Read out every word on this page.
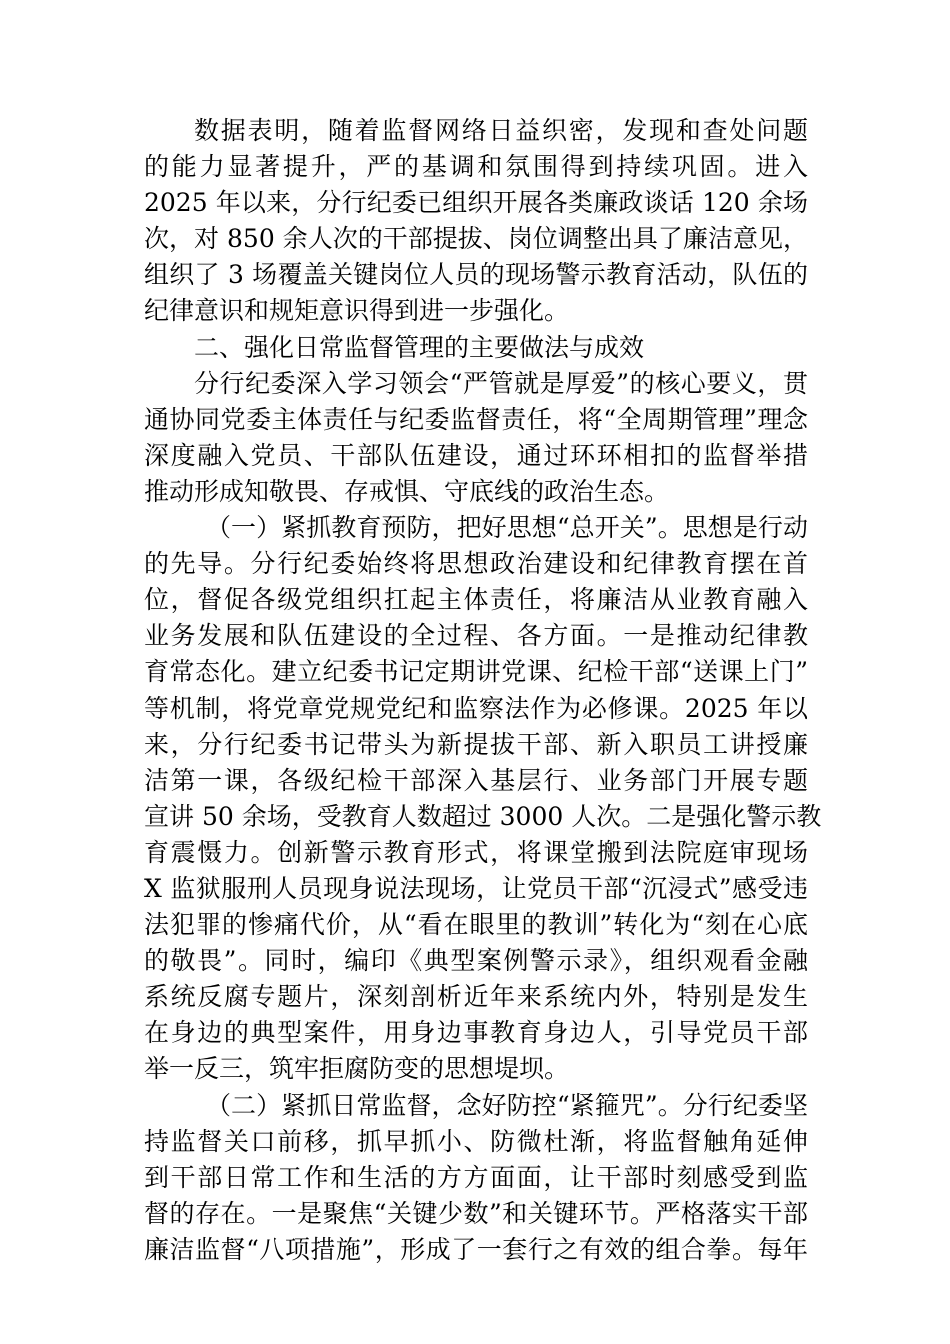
数据表明，随着监督网络日益织密，发现和查处问题
的能力显著提升，严的基调和氛围得到持续巩固。进入
2025 年以来，分行纪委已组织开展各类廉政谈话 120 余场
次，对 850 余人次的干部提拔、岗位调整出具了廉洁意见，
组织了 3 场覆盖关键岗位人员的现场警示教育活动，队伍的
纪律意识和规矩意识得到进一步强化。
二、强化日常监督管理的主要做法与成效
分行纪委深入学习领会“严管就是厚爱”的核心要义，贯
通协同党委主体责任与纪委监督责任，将“全周期管理”理念
深度融入党员、干部队伍建设，通过环环相扣的监督举措
推动形成知敬畏、存戒惧、守底线的政治生态。
（一）紧抓教育预防，把好思想“总开关”。思想是行动
的先导。分行纪委始终将思想政治建设和纪律教育摆在首
位，督促各级党组织扛起主体责任，将廉洁从业教育融入
业务发展和队伍建设的全过程、各方面。一是推动纪律教
育常态化。建立纪委书记定期讲党课、纪检干部“送课上门”
等机制，将党章党规党纪和监察法作为必修课。2025 年以
来，分行纪委书记带头为新提拔干部、新入职员工讲授廉
洁第一课，各级纪检干部深入基层行、业务部门开展专题
宣讲 50 余场，受教育人数超过 3000 人次。二是强化警示教
育震慑力。创新警示教育形式，将课堂搬到法院庭审现场
X 监狱服刑人员现身说法现场，让党员干部“沉浸式”感受违
法犯罪的惨痛代价，从“看在眼里的教训”转化为“刻在心底
的敬畏”。同时，编印《典型案例警示录》，组织观看金融
系统反腐专题片，深刻剖析近年来系统内外，特别是发生
在身边的典型案件，用身边事教育身边人，引导党员干部
举一反三，筑牢拒腐防变的思想堤坝。
（二）紧抓日常监督，念好防控“紧箍咒”。分行纪委坚
持监督关口前移，抓早抓小、防微杜渐，将监督触角延伸
到干部日常工作和生活的方方面面，让干部时刻感受到监
督的存在。一是聚焦“关键少数”和关键环节。严格落实干部
廉洁监督“八项措施”，形成了一套行之有效的组合拳。每年
